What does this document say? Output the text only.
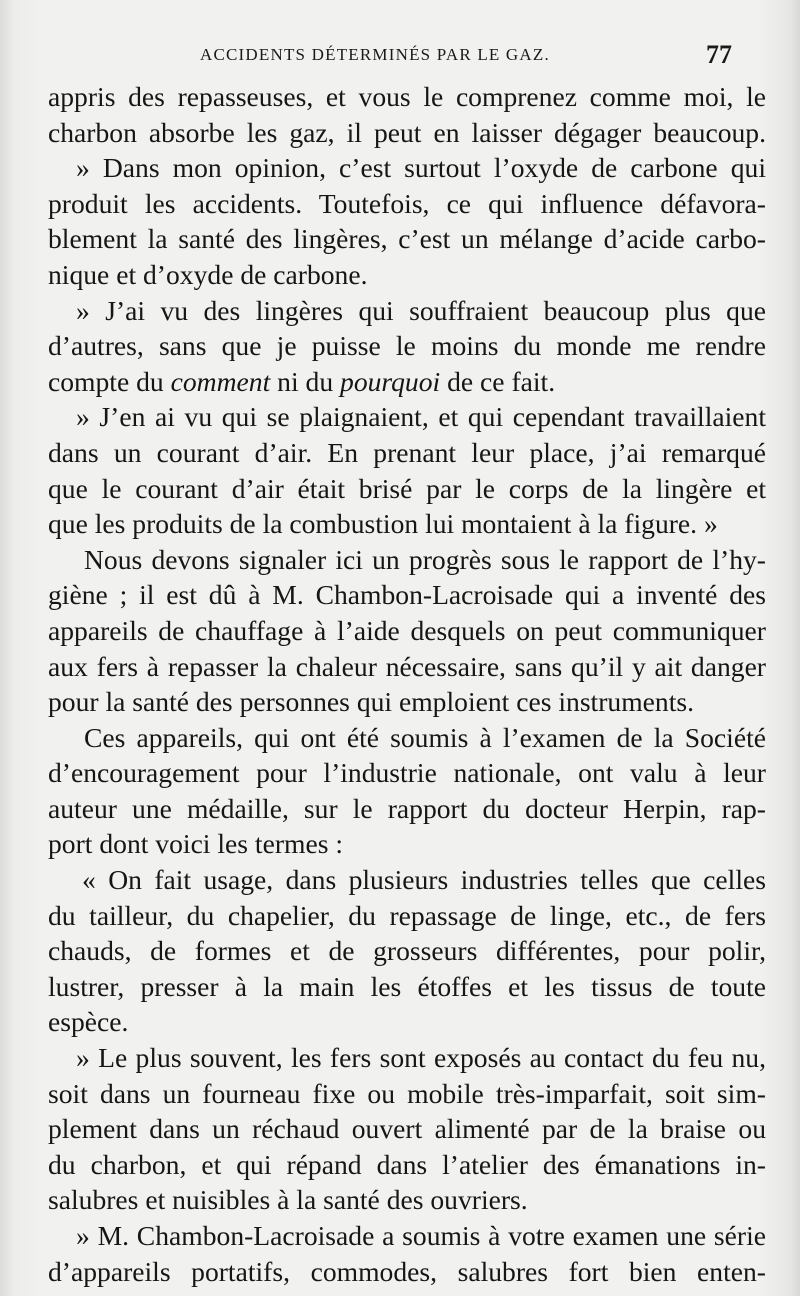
ACCIDENTS DÉTERMINÉS PAR LE GAZ.	77
appris des repasseuses, et vous le comprenez comme moi, le
charbon absorbe les gaz, il peut en laisser dégager beaucoup.
» Dans mon opinion, c’est surtout l’oxyde de carbone qui
produit les accidents. Toutefois, ce qui influence défavora-
blement la santé des lingères, c’est un mélange d’acide carbo-
nique et d’oxyde de carbone.
» J’ai vu des lingères qui souffraient beaucoup plus que
d’autres, sans que je puisse le moins du monde me rendre
compte du comment ni du pourquoi de ce fait.
» J’en ai vu qui se plaignaient, et qui cependant travaillaient
dans un courant d’air. En prenant leur place, j’ai remarqué
que le courant d’air était brisé par le corps de la lingère et
que les produits de la combustion lui montaient à la figure. »
Nous devons signaler ici un progrès sous le rapport de l’hy-
giène ; il est dû à M. Chambon-Lacroisade qui a inventé des
appareils de chauffage à l’aide desquels on peut communiquer
aux fers à repasser la chaleur nécessaire, sans qu’il y ait danger
pour la santé des personnes qui emploient ces instruments.
Ces appareils, qui ont été soumis à l’examen de la Société
d’encouragement pour l’industrie nationale, ont valu à leur
auteur une médaille, sur le rapport du docteur Herpin, rap-
port dont voici les termes :
« On fait usage, dans plusieurs industries telles que celles
du tailleur, du chapelier, du repassage de linge, etc., de fers
chauds, de formes et de grosseurs différentes, pour polir,
lustrer, presser à la main les étoffes et les tissus de toute
espèce.
» Le plus souvent, les fers sont exposés au contact du feu nu,
soit dans un fourneau fixe ou mobile très-imparfait, soit sim-
plement dans un réchaud ouvert alimenté par de la braise ou
du charbon, et qui répand dans l’atelier des émanations in-
salubres et nuisibles à la santé des ouvriers.
» M. Chambon-Lacroisade a soumis à votre examen une série
d’appareils portatifs, commodes, salubres fort bien enten-
